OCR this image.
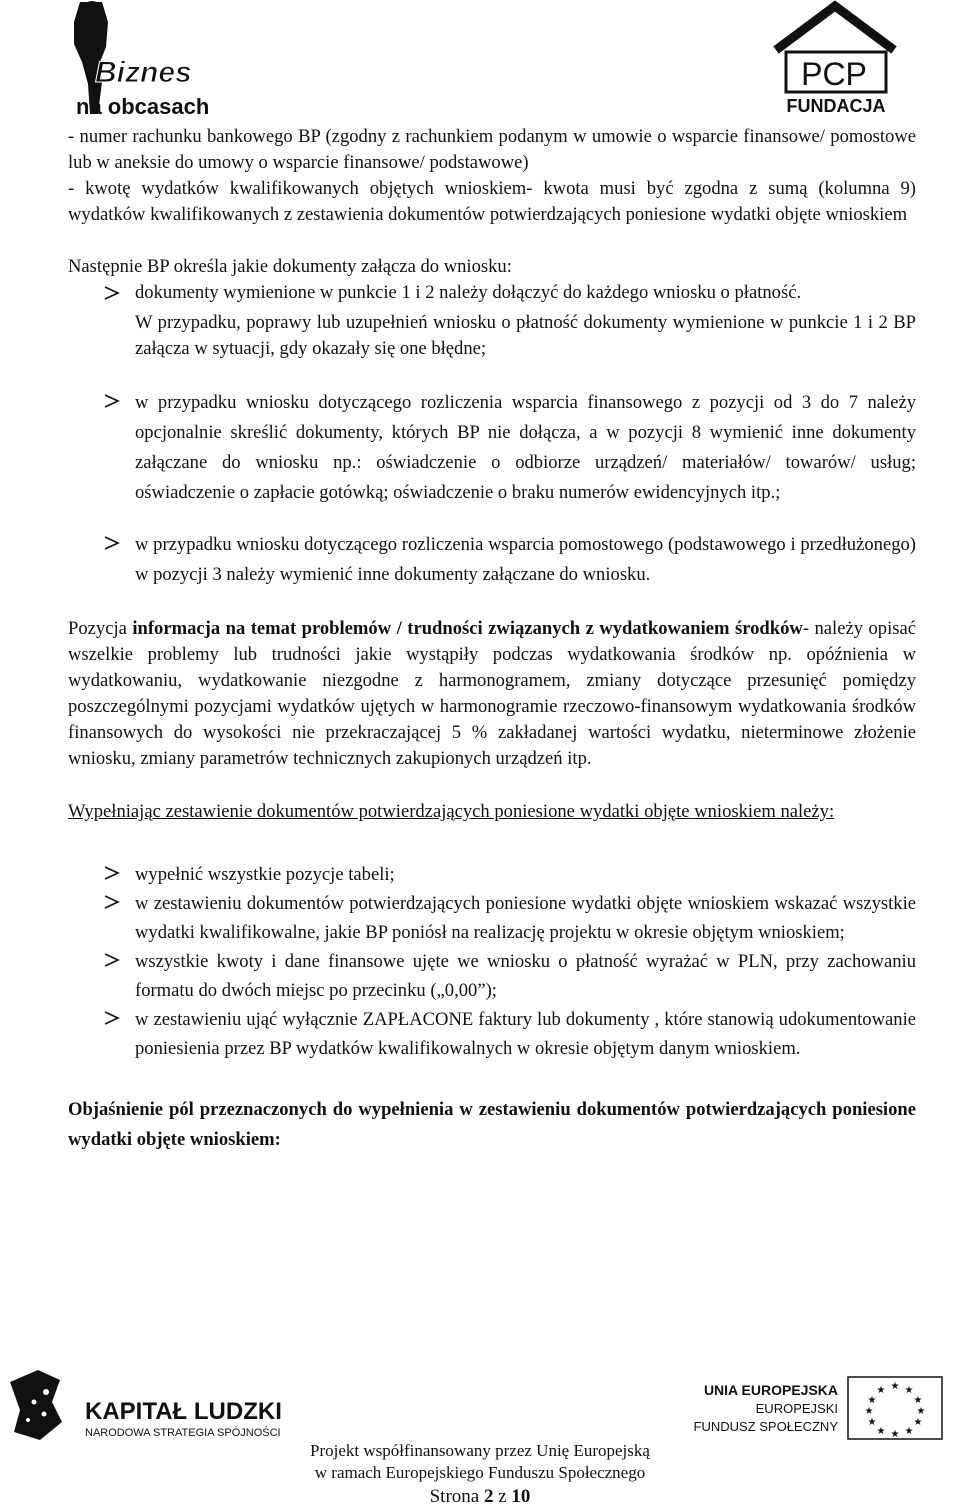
Biznes
na obcasach
PCP
FUNDACJA

- numer rachunku bankowego BP (zgodny z rachunkiem podanym w umowie o wsparcie finansowe/ pomostowe lub w aneksie do umowy o wsparcie finansowe/ podstawowe)

- kwotę wydatków kwalifikowanych objętych wnioskiem- kwota musi być zgodna z sumą (kolumna 9) wydatków kwalifikowanych z zestawienia dokumentów potwierdzających poniesione wydatki objęte wnioskiem

Następnie BP określa jakie dokumenty załącza do wniosku:

dokumenty wymienione w punkcie 1 i 2 należy dołączyć do każdego wniosku o płatność.
W przypadku, poprawy lub uzupełnień wniosku o płatność dokumenty wymienione w punkcie 1 i 2 BP załącza w sytuacji, gdy okazały się one błędne;
w przypadku wniosku dotyczącego rozliczenia wsparcia finansowego z pozycji od 3 do 7 należy opcjonalnie skreślić dokumenty, których BP nie dołącza, a w pozycji 8 wymienić inne dokumenty załączane do wniosku np.: oświadczenie o odbiorze urządzeń/ materiałów/ towarów/ usług; oświadczenie o zapłacie gotówką; oświadczenie o braku numerów ewidencyjnych itp.;
w przypadku wniosku dotyczącego rozliczenia wsparcia pomostowego (podstawowego i przedłużonego) w pozycji 3 należy wymienić inne dokumenty załączane do wniosku.

Pozycja informacja na temat problemów / trudności związanych z wydatkowaniem środków- należy opisać wszelkie problemy lub trudności jakie wystąpiły podczas wydatkowania środków np. opóźnienia w wydatkowaniu, wydatkowanie niezgodne z harmonogramem, zmiany dotyczące przesunięć pomiędzy poszczególnymi pozycjami wydatków ujętych w harmonogramie rzeczowo-finansowym wydatkowania środków finansowych do wysokości nie przekraczającej 5 % zakładanej wartości wydatku, nieterminowe złożenie wniosku, zmiany parametrów technicznych zakupionych urządzeń itp.

Wypełniając zestawienie dokumentów potwierdzających poniesione wydatki objęte wnioskiem należy:

wypełnić wszystkie pozycje tabeli;
w zestawieniu dokumentów potwierdzających poniesione wydatki objęte wnioskiem wskazać wszystkie wydatki kwalifikowalne, jakie BP poniósł na realizację projektu w okresie objętym wnioskiem;
wszystkie kwoty i dane finansowe ujęte we wniosku o płatność wyrażać w PLN, przy zachowaniu formatu do dwóch miejsc po przecinku („0,00”);
w zestawieniu ująć wyłącznie ZAPŁACONE faktury lub dokumenty , które stanowią udokumentowanie poniesienia przez BP wydatków kwalifikowalnych w okresie objętym danym wnioskiem.

Objaśnienie pól przeznaczonych do wypełnienia w zestawieniu dokumentów potwierdzających poniesione wydatki objęte wnioskiem:

KAPITAŁ LUDZKI
NARODOWA STRATEGIA SPÓJNOŚCI
UNIA EUROPEJSKA
EUROPEJSKI
FUNDUSZ SPOŁECZNY
★ ★
★
★
★
★
★
★
★
★
★
★
Projekt współfinansowany przez Unię Europejską
w ramach Europejskiego Funduszu Społecznego
Strona 2 z 10
